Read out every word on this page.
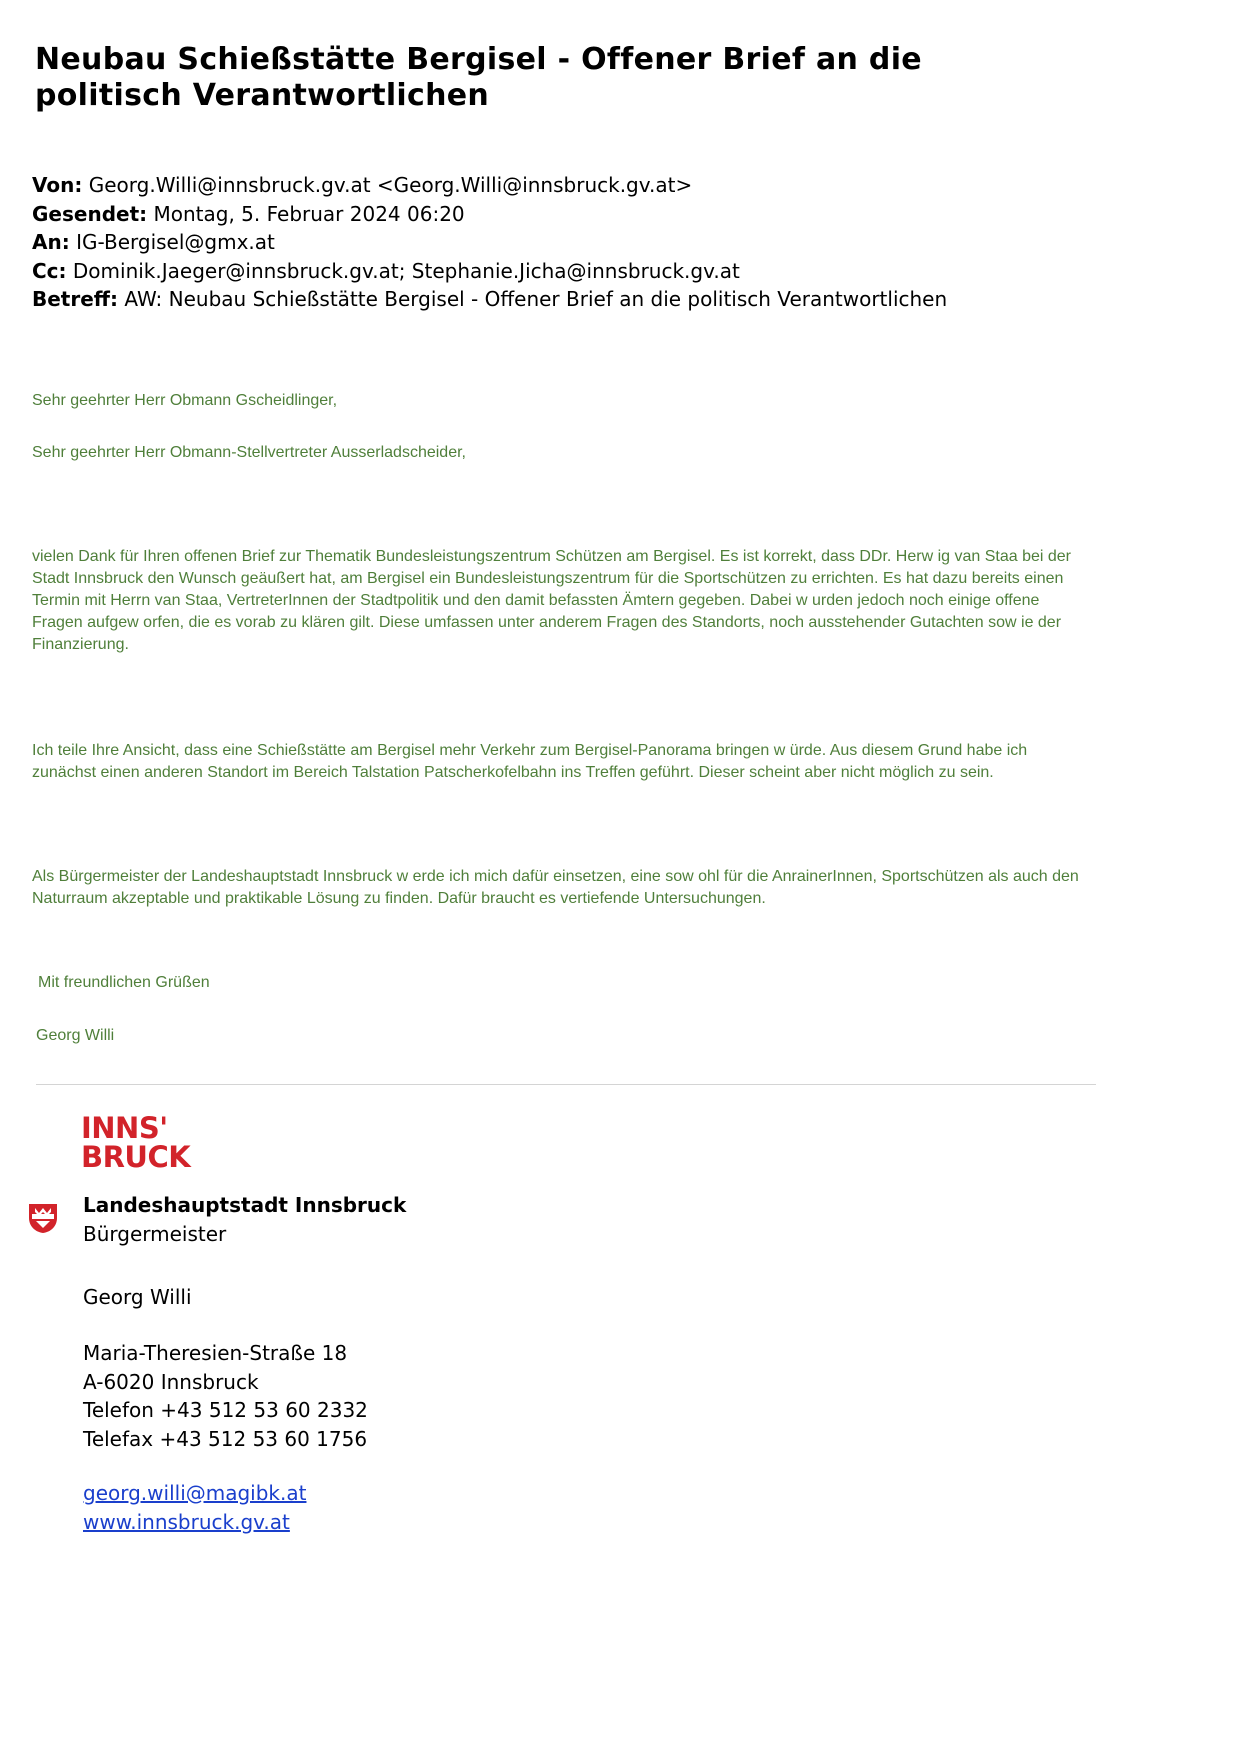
Neubau Schießstätte Bergisel - Offener Brief an die politisch Verantwortlichen
Von: Georg.Willi@innsbruck.gv.at <Georg.Willi@innsbruck.gv.at>
Gesendet: Montag, 5. Februar 2024 06:20
An: IG-Bergisel@gmx.at
Cc: Dominik.Jaeger@innsbruck.gv.at; Stephanie.Jicha@innsbruck.gv.at
Betreff: AW: Neubau Schießstätte Bergisel - Offener Brief an die politisch Verantwortlichen

Sehr geehrter Herr Obmann Gscheidlinger,

Sehr geehrter Herr Obmann-Stellvertreter Ausserladscheider,

vielen Dank für Ihren offenen Brief zur Thematik Bundesleistungszentrum Schützen am Bergisel. Es ist korrekt, dass DDr. Herw ig van Staa bei der Stadt Innsbruck den Wunsch geäußert hat, am Bergisel ein Bundesleistungszentrum für die Sportschützen zu errichten. Es hat dazu bereits einen Termin mit Herrn van Staa, VertreterInnen der Stadtpolitik und den damit befassten Ämtern gegeben. Dabei w urden jedoch noch einige offene Fragen aufgew orfen, die es vorab zu klären gilt. Diese umfassen unter anderem Fragen des Standorts, noch ausstehender Gutachten sow ie der Finanzierung.

Ich teile Ihre Ansicht, dass eine Schießstätte am Bergisel mehr Verkehr zum Bergisel-Panorama bringen w ürde. Aus diesem Grund habe ich zunächst einen anderen Standort im Bereich Talstation Patscherkofelbahn ins Treffen geführt. Dieser scheint aber nicht möglich zu sein.

Als Bürgermeister der Landeshauptstadt Innsbruck w erde ich mich dafür einsetzen, eine sow ohl für die AnrainerInnen, Sportschützen als auch den Naturraum akzeptable und praktikable Lösung zu finden. Dafür braucht es vertiefende Untersuchungen.

Mit freundlichen Grüßen

Georg Willi

INNS'
BRUCK
Landeshauptstadt Innsbruck
Bürgermeister
Georg Willi
Maria-Theresien-Straße 18
A-6020 Innsbruck
Telefon +43 512 53 60 2332
Telefax +43 512 53 60 1756
georg.willi@magibk.at
www.innsbruck.gv.at
